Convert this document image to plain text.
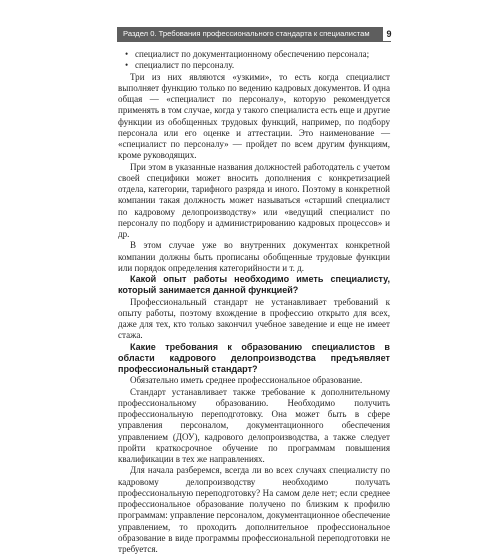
Раздел 0. Требования профессионального стандарта к специалистам	9
• специалист по документационному обеспечению персонала;
• специалист по персоналу.

Три из них являются «узкими», то есть когда специалист выполняет функцию только по ведению кадровых документов. И одна общая — «специалист по персоналу», которую рекомендуется применять в том случае, когда у такого специалиста есть еще и другие функции из обобщенных трудовых функций, например, по подбору персонала или его оценке и аттестации. Это наименование — «специалист по персоналу» — пройдет по всем другим функциям, кроме руководящих.

При этом в указанные названия должностей работодатель с учетом своей специфики может вносить дополнения с конкретизацией отдела, категории, тарифного разряда и иного. Поэтому в конкретной компании такая должность может называться «старший специалист по кадровому делопроизводству» или «ведущий специалист по персоналу по подбору и администрированию кадровых процессов» и др.

В этом случае уже во внутренних документах конкретной компании должны быть прописаны обобщенные трудовые функции или порядок определения категорийности и т. д.

Какой опыт работы необходимо иметь специалисту, который занимается данной функцией?

Профессиональный стандарт не устанавливает требований к опыту работы, поэтому вхождение в профессию открыто для всех, даже для тех, кто только закончил учебное заведение и еще не имеет стажа.

Какие требования к образованию специалистов в области кадрового делопроизводства предъявляет профессиональный стандарт?

Обязательно иметь среднее профессиональное образование.

Стандарт устанавливает также требование к дополнительному профессиональному образованию. Необходимо получить профессиональную переподготовку. Она может быть в сфере управления персоналом, документационного обеспечения управлением (ДОУ), кадрового делопроизводства, а также следует пройти краткосрочное обучение по программам повышения квалификации в тех же направлениях.

Для начала разберемся, всегда ли во всех случаях специалисту по кадровому делопроизводству необходимо получать профессиональную переподготовку? На самом деле нет; если среднее профессиональное образование получено по близким к профилю программам: управление персоналом, документационное обеспечение управлением, то проходить дополнительное профессиональное образование в виде программы профессиональной переподготовки не требуется.
